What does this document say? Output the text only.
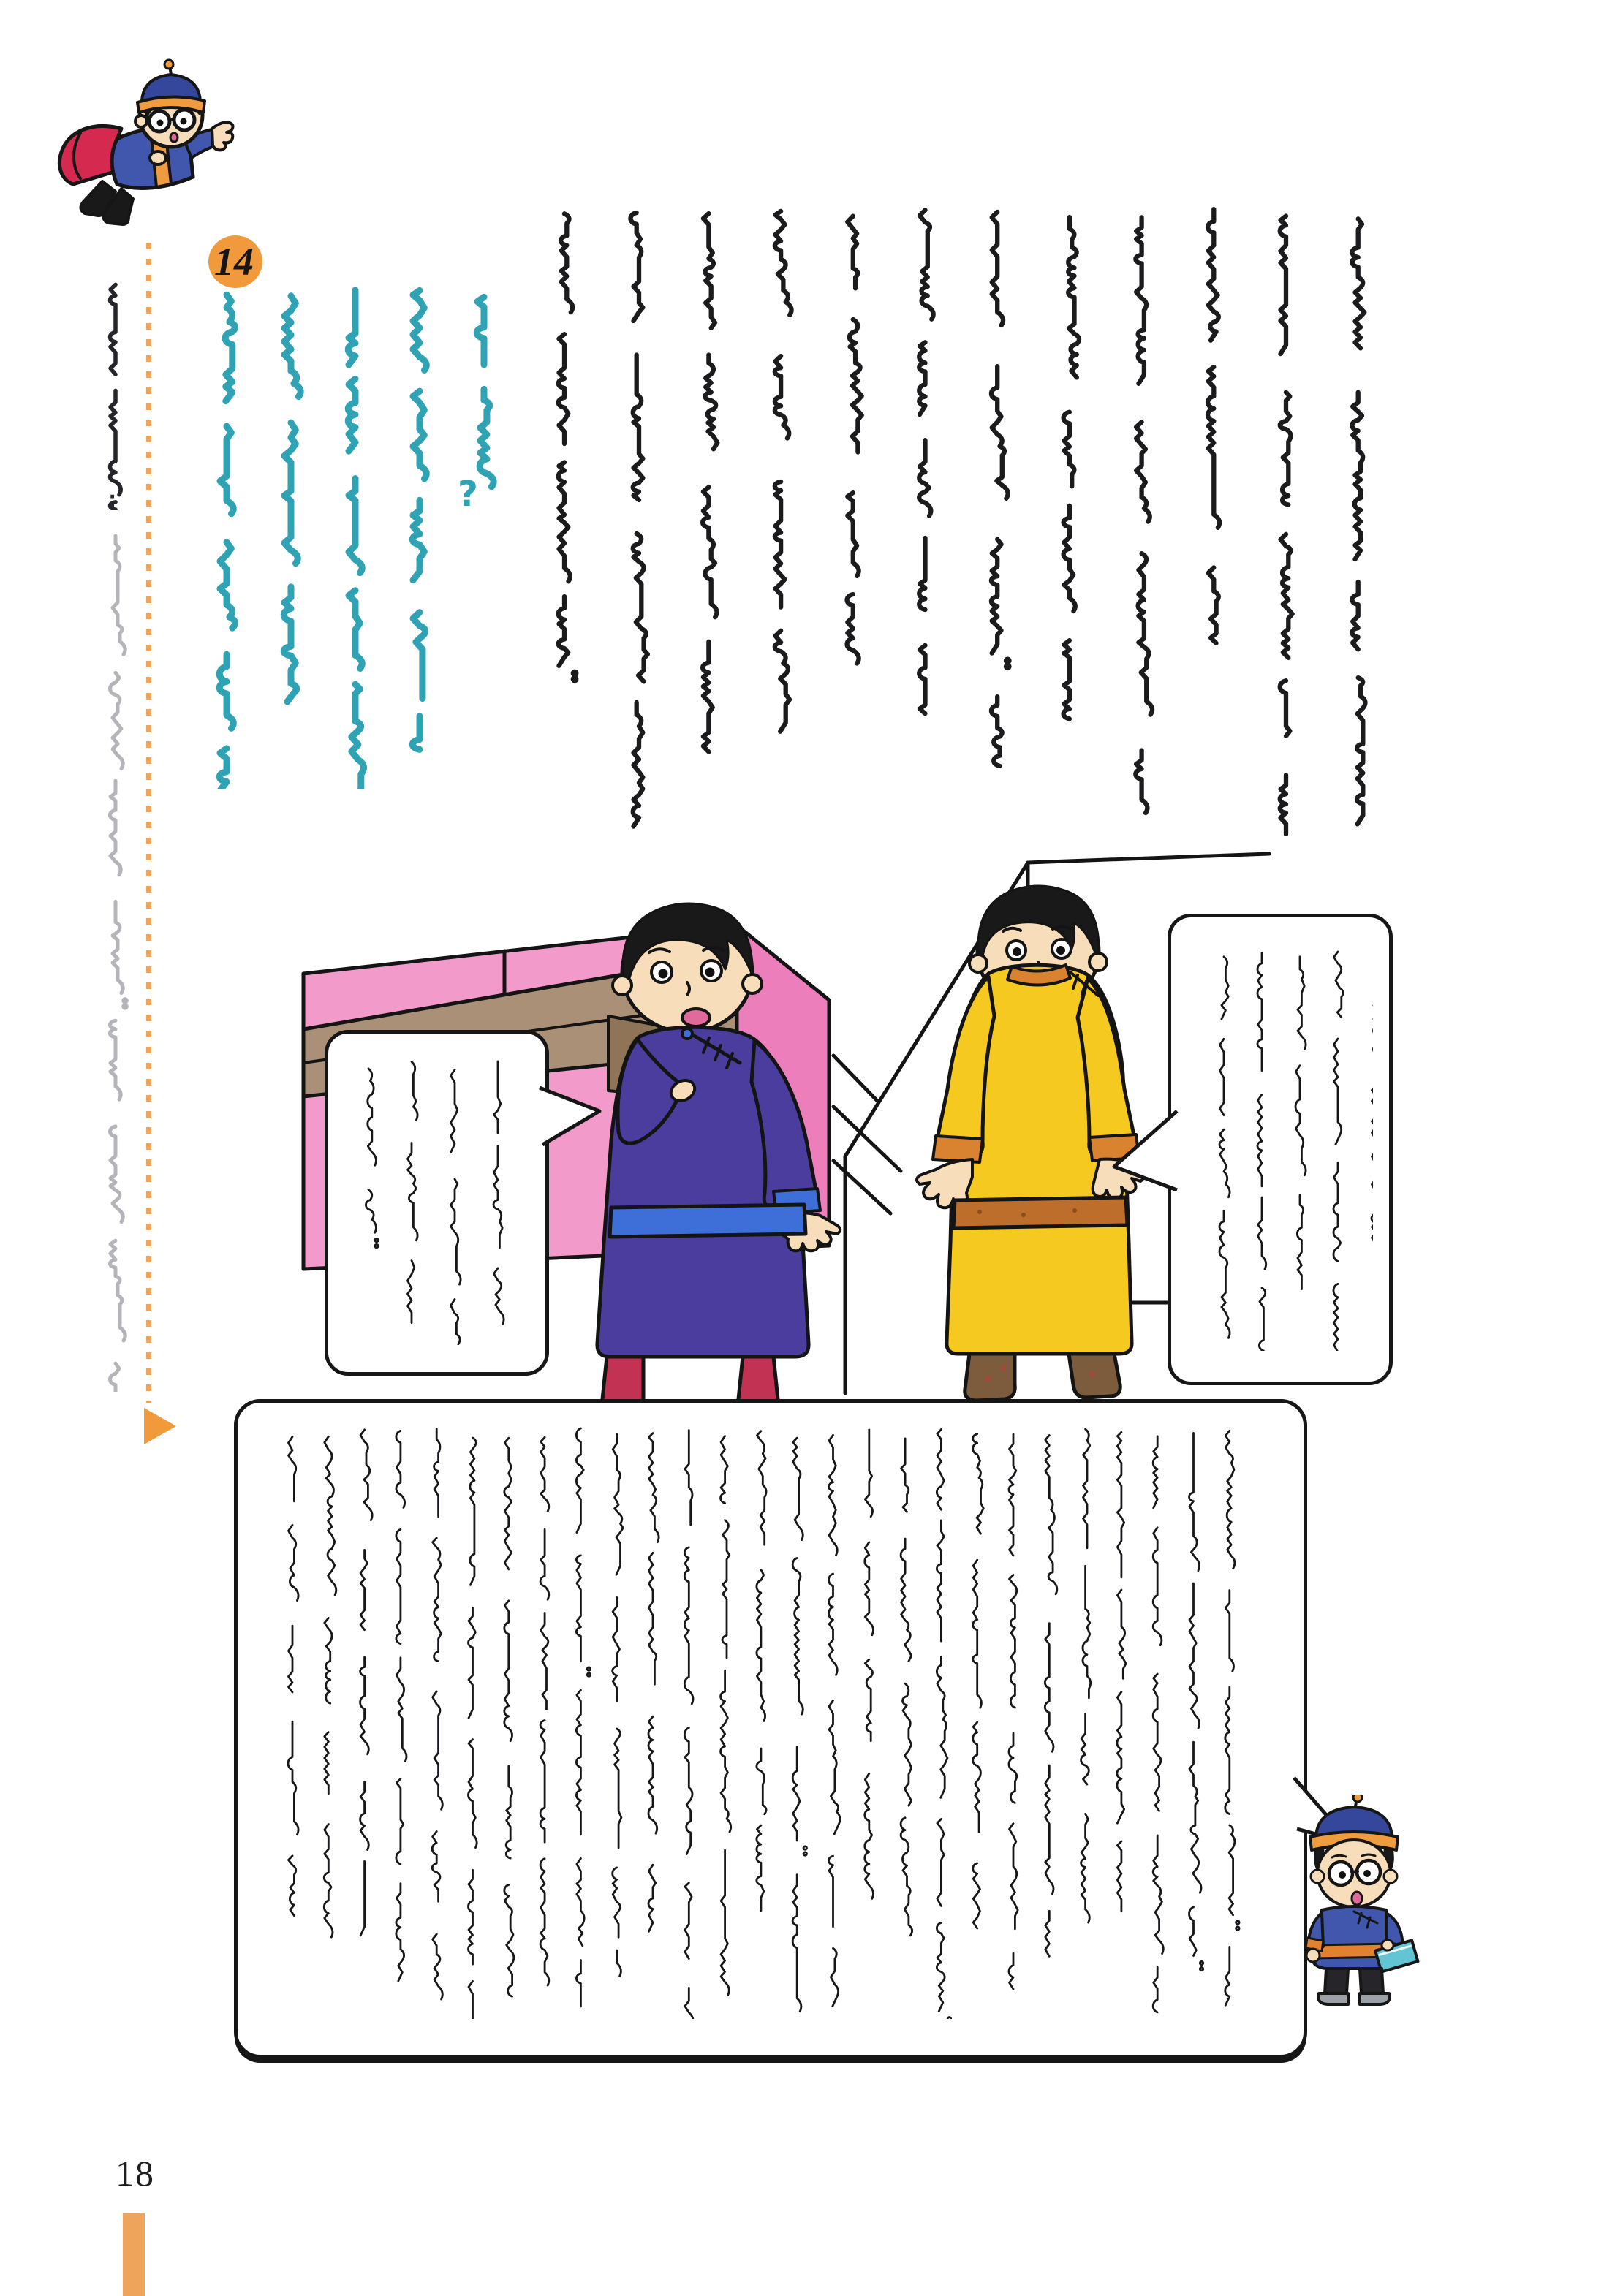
:
14
?
18
